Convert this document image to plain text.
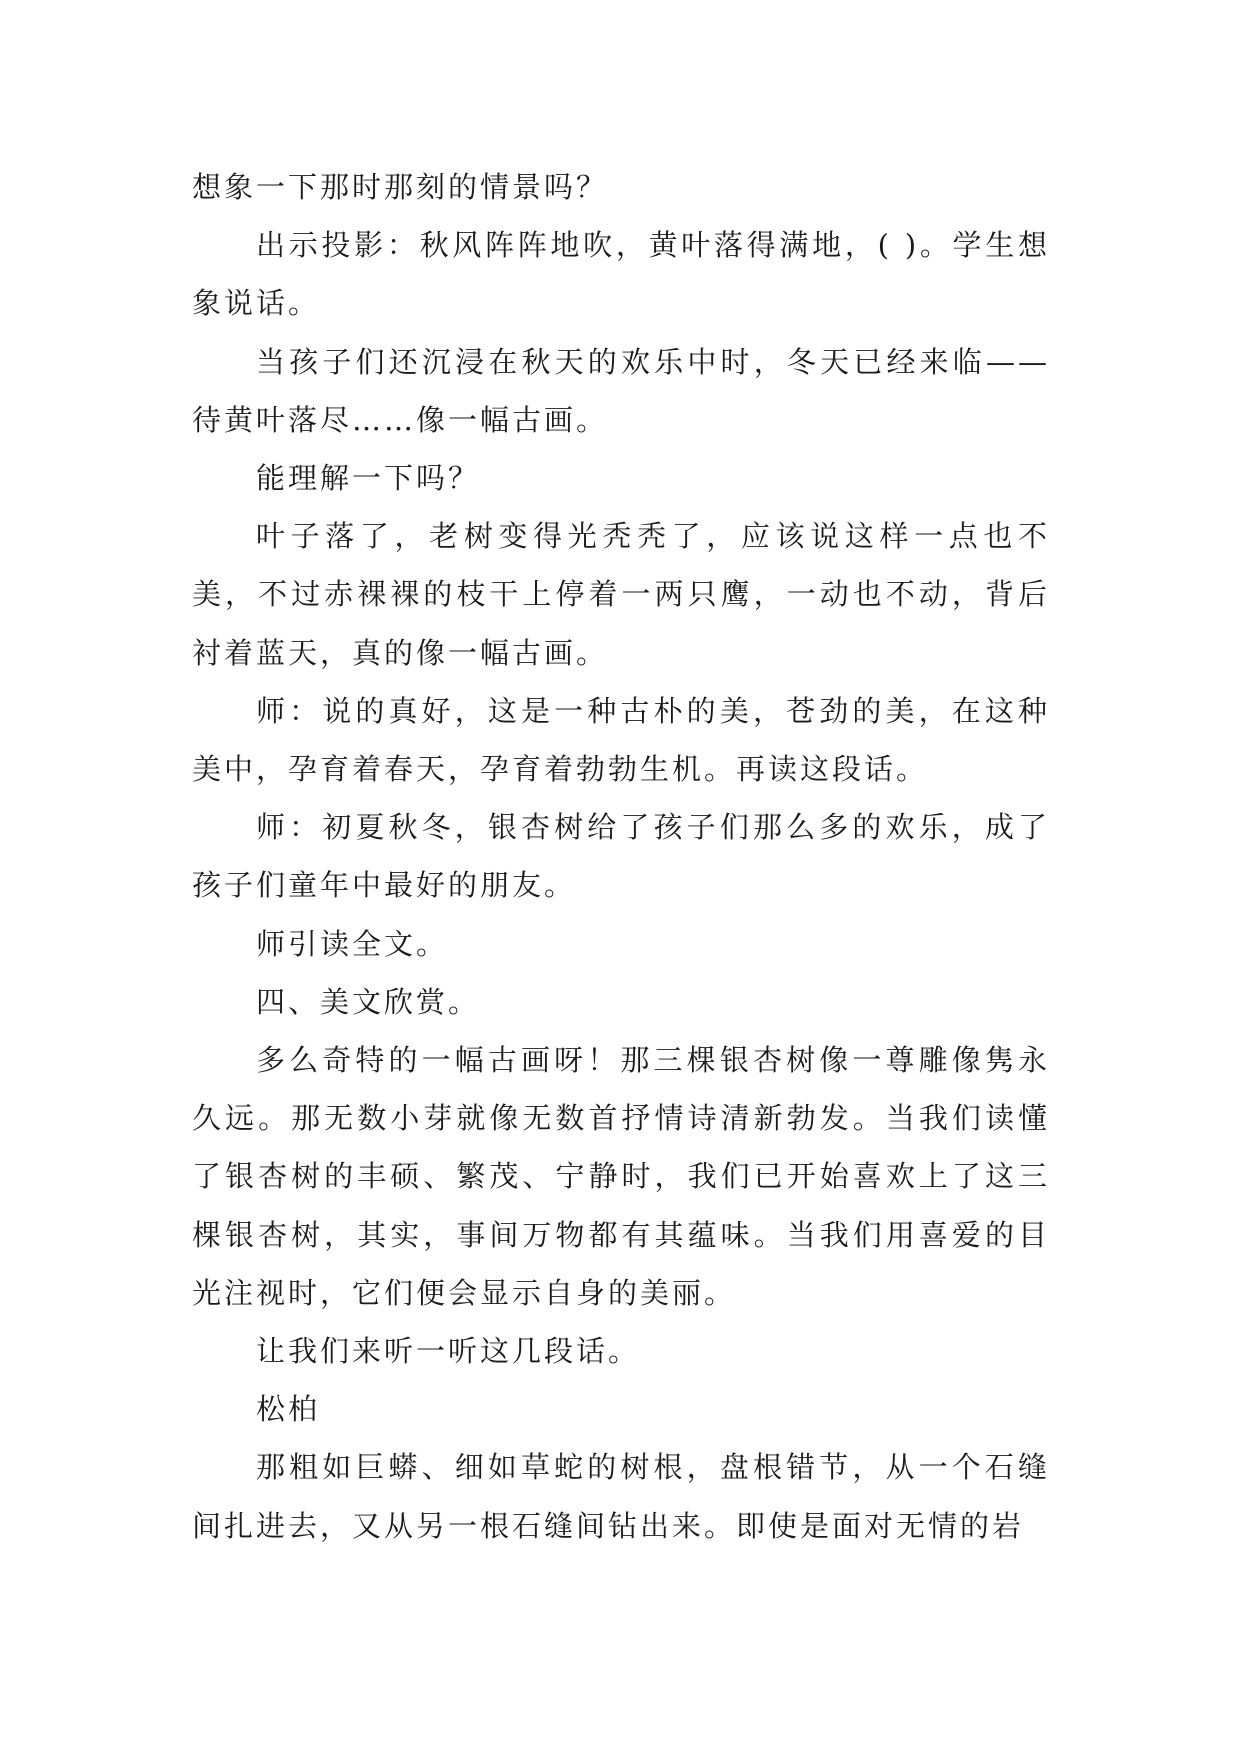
想象一下那时那刻的情景吗？

出示投影：秋风阵阵地吹，黄叶落得满地，( )。学生想象说话。

当孩子们还沉浸在秋天的欢乐中时，冬天已经来临——待黄叶落尽……像一幅古画。

能理解一下吗？

叶子落了，老树变得光秃秃了，应该说这样一点也不美，不过赤裸裸的枝干上停着一两只鹰，一动也不动，背后衬着蓝天，真的像一幅古画。

师：说的真好，这是一种古朴的美，苍劲的美，在这种美中，孕育着春天，孕育着勃勃生机。再读这段话。

师：初夏秋冬，银杏树给了孩子们那么多的欢乐，成了孩子们童年中最好的朋友。

师引读全文。

四、美文欣赏。

多么奇特的一幅古画呀！那三棵银杏树像一尊雕像隽永久远。那无数小芽就像无数首抒情诗清新勃发。当我们读懂了银杏树的丰硕、繁茂、宁静时，我们已开始喜欢上了这三棵银杏树，其实，事间万物都有其蕴味。当我们用喜爱的目光注视时，它们便会显示自身的美丽。

让我们来听一听这几段话。

松柏

那粗如巨蟒、细如草蛇的树根，盘根错节，从一个石缝间扎进去，又从另一根石缝间钻出来。即使是面对无情的岩
